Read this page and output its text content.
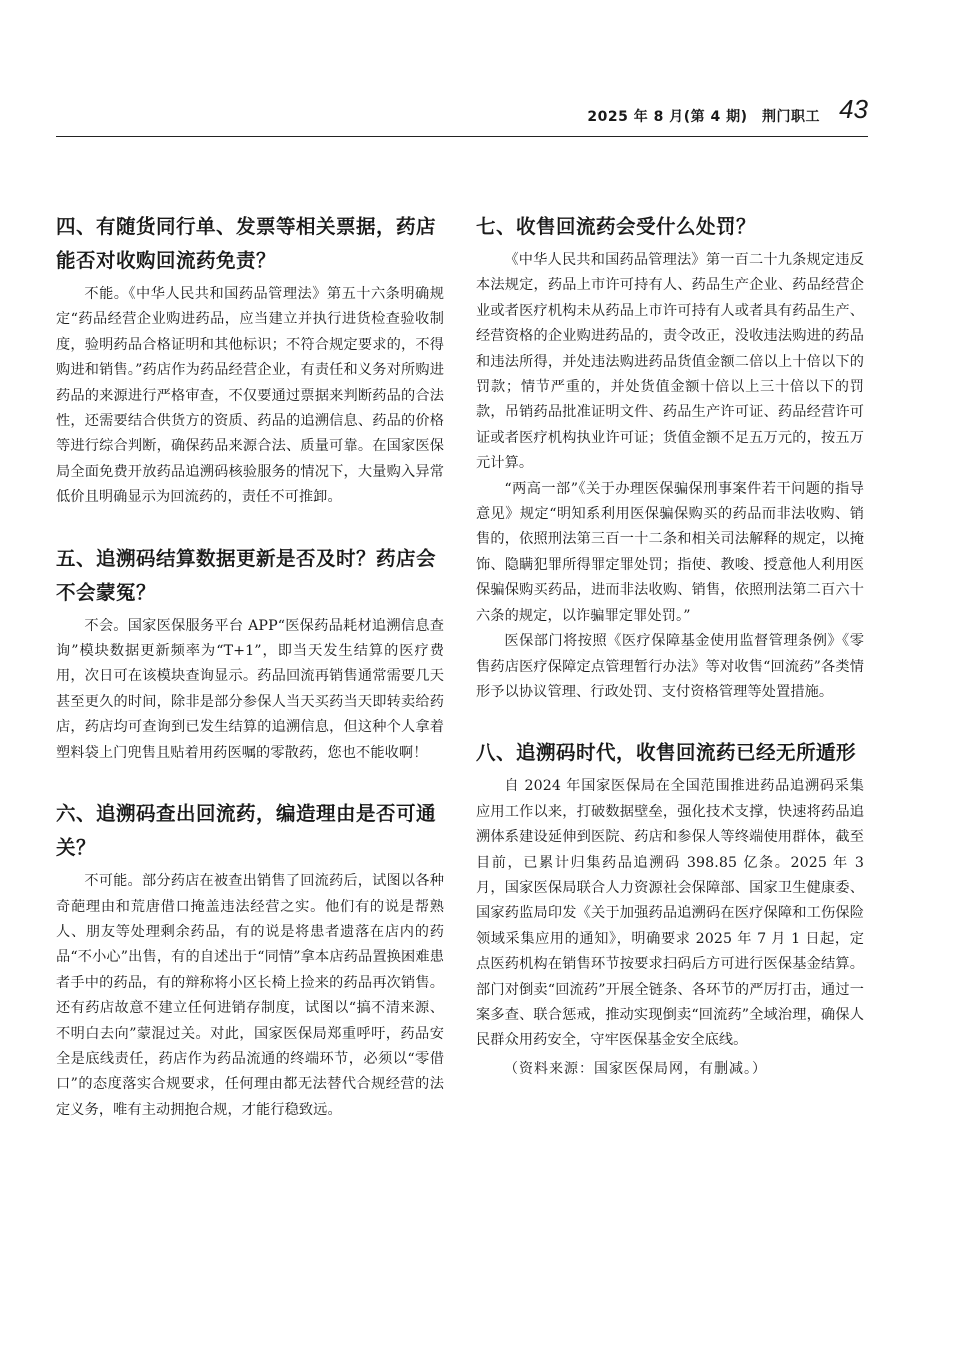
2025 年 8 月(第 4 期)　荆门职工 43
四、有随货同行单、发票等相关票据，药店能否对收购回流药免责？

不能。《中华人民共和国药品管理法》第五十六条明确规定“药品经营企业购进药品，应当建立并执行进货检查验收制度，验明药品合格证明和其他标识；不符合规定要求的，不得购进和销售。”药店作为药品经营企业，有责任和义务对所购进药品的来源进行严格审查，不仅要通过票据来判断药品的合法性，还需要结合供货方的资质、药品的追溯信息、药品的价格等进行综合判断，确保药品来源合法、质量可靠。在国家医保局全面免费开放药品追溯码核验服务的情况下，大量购入异常低价且明确显示为回流药的，责任不可推卸。

五、追溯码结算数据更新是否及时？药店会不会蒙冤？

不会。国家医保服务平台 APP“医保药品耗材追溯信息查询”模块数据更新频率为“T+1”，即当天发生结算的医疗费用，次日可在该模块查询显示。药品回流再销售通常需要几天甚至更久的时间，除非是部分参保人当天买药当天即转卖给药店，药店均可查询到已发生结算的追溯信息，但这种个人拿着塑料袋上门兜售且贴着用药医嘱的零散药，您也不能收啊！

六、追溯码查出回流药，编造理由是否可通关？

不可能。部分药店在被查出销售了回流药后，试图以各种奇葩理由和荒唐借口掩盖违法经营之实。他们有的说是帮熟人、朋友等处理剩余药品，有的说是将患者遗落在店内的药品“不小心”出售，有的自述出于“同情”拿本店药品置换困难患者手中的药品，有的辩称将小区长椅上捡来的药品再次销售。还有药店故意不建立任何进销存制度，试图以“搞不清来源、不明白去向”蒙混过关。对此，国家医保局郑重呼吁，药品安全是底线责任，药店作为药品流通的终端环节，必须以“零借口”的态度落实合规要求，任何理由都无法替代合规经营的法定义务，唯有主动拥抱合规，才能行稳致远。

七、收售回流药会受什么处罚？

《中华人民共和国药品管理法》第一百二十九条规定违反本法规定，药品上市许可持有人、药品生产企业、药品经营企业或者医疗机构未从药品上市许可持有人或者具有药品生产、经营资格的企业购进药品的，责令改正，没收违法购进的药品和违法所得，并处违法购进药品货值金额二倍以上十倍以下的罚款；情节严重的，并处货值金额十倍以上三十倍以下的罚款，吊销药品批准证明文件、药品生产许可证、药品经营许可证或者医疗机构执业许可证；货值金额不足五万元的，按五万元计算。

“两高一部”《关于办理医保骗保刑事案件若干问题的指导意见》规定“明知系利用医保骗保购买的药品而非法收购、销售的，依照刑法第三百一十二条和相关司法解释的规定，以掩饰、隐瞒犯罪所得罪定罪处罚；指使、教唆、授意他人利用医保骗保购买药品，进而非法收购、销售，依照刑法第二百六十六条的规定，以诈骗罪定罪处罚。”

医保部门将按照《医疗保障基金使用监督管理条例》《零售药店医疗保障定点管理暂行办法》等对收售“回流药”各类情形予以协议管理、行政处罚、支付资格管理等处置措施。

八、追溯码时代，收售回流药已经无所遁形

自 2024 年国家医保局在全国范围推进药品追溯码采集应用工作以来，打破数据壁垒，强化技术支撑，快速将药品追溯体系建设延伸到医院、药店和参保人等终端使用群体，截至目前，已累计归集药品追溯码 398.85 亿条。2025 年 3 月，国家医保局联合人力资源社会保障部、国家卫生健康委、国家药监局印发《关于加强药品追溯码在医疗保障和工伤保险领域采集应用的通知》，明确要求 2025 年 7 月 1 日起，定点医药机构在销售环节按要求扫码后方可进行医保基金结算。部门对倒卖“回流药”开展全链条、各环节的严厉打击，通过一案多查、联合惩戒，推动实现倒卖“回流药”全域治理，确保人民群众用药安全，守牢医保基金安全底线。

（资料来源：国家医保局网，有删减。）
